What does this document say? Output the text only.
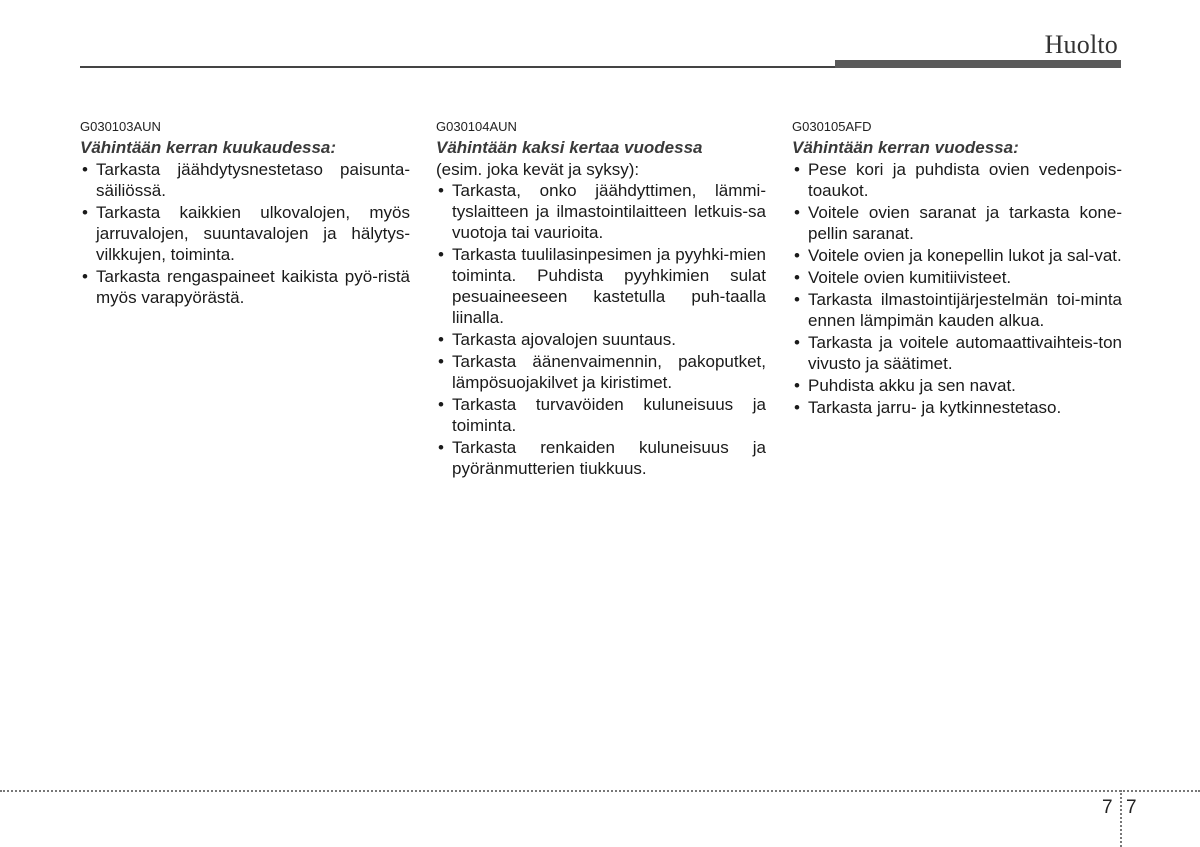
Huolto
G030103AUN
Vähintään kerran kuukaudessa:
• Tarkasta jäähdytysnestetaso paisunta-säiliössä.
• Tarkasta kaikkien ulkovalojen, myös jarruvalojen, suuntavalojen ja hälytys-vilkkujen, toiminta.
• Tarkasta rengaspaineet kaikista pyö-ristä myös varapyörästä.
G030104AUN
Vähintään kaksi kertaa vuodessa
(esim. joka kevät ja syksy):
• Tarkasta, onko jäähdyttimen, lämmi-tyslaitteen ja ilmastointilaitteen letkuis-sa vuotoja tai vaurioita.
• Tarkasta tuulilasinpesimen ja pyyhki-mien toiminta. Puhdista pyyhkimien sulat pesuaineeseen kastetulla puh-taalla liinalla.
• Tarkasta ajovalojen suuntaus.
• Tarkasta äänenvaimennin, pakoputket, lämpösuojakilvet ja kiristimet.
• Tarkasta turvavöiden kuluneisuus ja toiminta.
• Tarkasta renkaiden kuluneisuus ja pyöränmutterien tiukkuus.
G030105AFD
Vähintään kerran vuodessa:
• Pese kori ja puhdista ovien vedenpois-toaukot.
• Voitele ovien saranat ja tarkasta kone-pellin saranat.
• Voitele ovien ja konepellin lukot ja sal-vat.
• Voitele ovien kumitiivisteet.
• Tarkasta ilmastointijärjestelmän toi-minta ennen lämpimän kauden alkua.
• Tarkasta ja voitele automaattivaihteis-ton vivusto ja säätimet.
• Puhdista akku ja sen navat.
• Tarkasta jarru- ja kytkinnestetaso.
7 7
